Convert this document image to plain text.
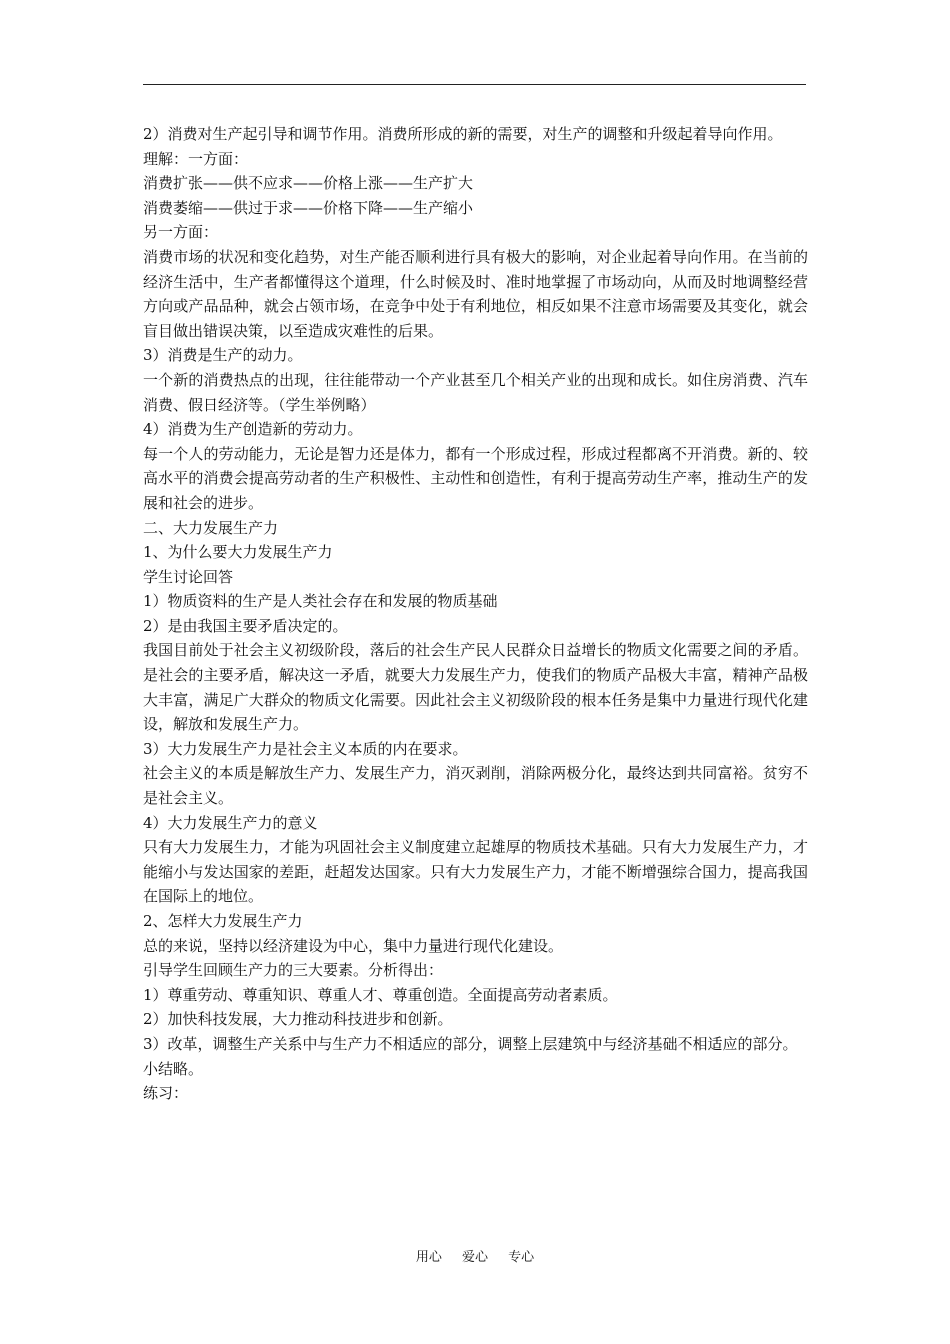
2）消费对生产起引导和调节作用。消费所形成的新的需要，对生产的调整和升级起着导向作用。

理解：一方面：

消费扩张——供不应求——价格上涨——生产扩大

消费萎缩——供过于求——价格下降——生产缩小

另一方面：

消费市场的状况和变化趋势，对生产能否顺利进行具有极大的影响，对企业起着导向作用。在当前的经济生活中，生产者都懂得这个道理，什么时候及时、准时地掌握了市场动向，从而及时地调整经营方向或产品品种，就会占领市场，在竞争中处于有利地位，相反如果不注意市场需要及其变化，就会盲目做出错误决策，以至造成灾难性的后果。

3）消费是生产的动力。

一个新的消费热点的出现，往往能带动一个产业甚至几个相关产业的出现和成长。如住房消费、汽车消费、假日经济等。（学生举例略）

4）消费为生产创造新的劳动力。

每一个人的劳动能力，无论是智力还是体力，都有一个形成过程，形成过程都离不开消费。新的、较高水平的消费会提高劳动者的生产积极性、主动性和创造性，有利于提高劳动生产率，推动生产的发展和社会的进步。

二、大力发展生产力

1、为什么要大力发展生产力

学生讨论回答

1）物质资料的生产是人类社会存在和发展的物质基础

2）是由我国主要矛盾决定的。

我国目前处于社会主义初级阶段，落后的社会生产民人民群众日益增长的物质文化需要之间的矛盾。是社会的主要矛盾，解决这一矛盾，就要大力发展生产力，使我们的物质产品极大丰富，精神产品极大丰富，满足广大群众的物质文化需要。因此社会主义初级阶段的根本任务是集中力量进行现代化建设，解放和发展生产力。

3）大力发展生产力是社会主义本质的内在要求。

社会主义的本质是解放生产力、发展生产力，消灭剥削，消除两极分化，最终达到共同富裕。贫穷不是社会主义。

4）大力发展生产力的意义

只有大力发展生力，才能为巩固社会主义制度建立起雄厚的物质技术基础。只有大力发展生产力，才能缩小与发达国家的差距，赶超发达国家。只有大力发展生产力，才能不断增强综合国力，提高我国在国际上的地位。

2、怎样大力发展生产力

总的来说，坚持以经济建设为中心，集中力量进行现代化建设。

引导学生回顾生产力的三大要素。分析得出：

1）尊重劳动、尊重知识、尊重人才、尊重创造。全面提高劳动者素质。

2）加快科技发展，大力推动科技进步和创新。

3）改革，调整生产关系中与生产力不相适应的部分，调整上层建筑中与经济基础不相适应的部分。

小结略。

练习：

用心 爱心 专心
